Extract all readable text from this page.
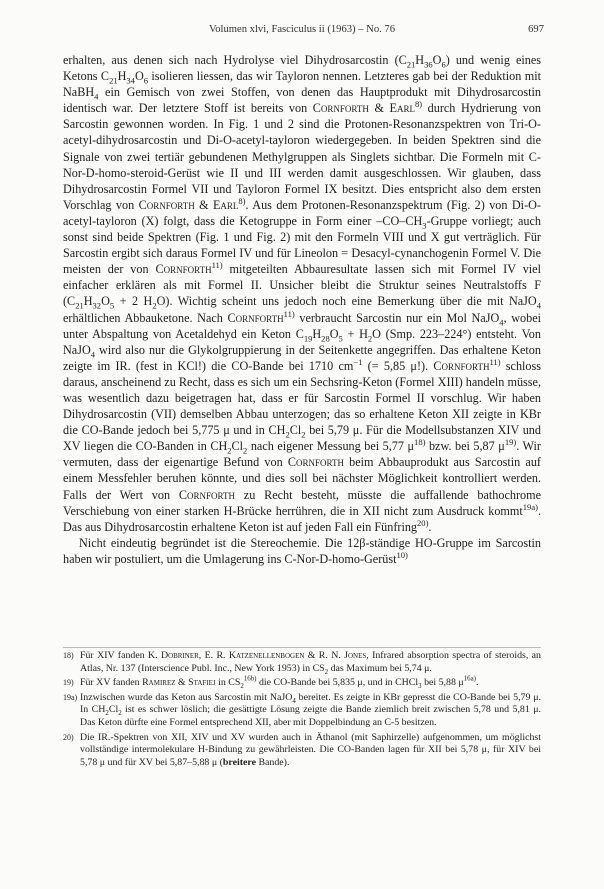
Volumen xlvi, Fasciculus ii (1963) – No. 76	697

erhalten, aus denen sich nach Hydrolyse viel Dihydrosarcostin $(C_{21}H_{36}O_6)$ und wenig eines Ketons $C_{21}H_{34}O_6$ isolieren liessen, das wir Tayloron nennen. Letzteres gab bei der Reduktion mit NaBH$_4$ ein Gemisch von zwei Stoffen, von denen das Hauptprodukt mit Dihydrosarcostin identisch war. Der letztere Stoff ist bereits von Cornforth & Earl$^{8)}$ durch Hydrierung von Sarcostin gewonnen worden. In Fig. 1 und 2 sind die Protonen-Resonanzspektren von Tri-O-acetyl-dihydrosarcostin und Di-O-acetyl-tayloron wiedergegeben. In beiden Spektren sind die Signale von zwei tertiär gebundenen Methylgruppen als Singlets sichtbar. Die Formeln mit C-Nor-D-homo-steroid-Gerüst wie II und III werden damit ausgeschlossen. Wir glauben, dass Dihydrosarcostin Formel VII und Tayloron Formel IX besitzt. Dies entspricht also dem ersten Vorschlag von Cornforth & Earl$^{8)}$. Aus dem Protonen-Resonanzspektrum (Fig. 2) von Di-O-acetyl-tayloron (X) folgt, dass die Ketogruppe in Form einer $-CO-CH_3$-Gruppe vorliegt; auch sonst sind beide Spektren (Fig. 1 und Fig. 2) mit den Formeln VIII und X gut verträglich. Für Sarcostin ergibt sich daraus Formel IV und für Lineolon = Desacyl-cynanchogenin Formel V. Die meisten der von Cornforth$^{11)}$ mitgeteilten Abbauresultate lassen sich mit Formel IV viel einfacher erklären als mit Formel II. Unsicher bleibt die Struktur seines Neutralstoffs F ($C_{21}H_{32}O_5 + 2$ $H_2O$). Wichtig scheint uns jedoch noch eine Bemerkung über die mit NaJO$_4$ erhältlichen Abbauketone. Nach Cornforth$^{11)}$ verbraucht Sarcostin nur ein Mol NaJO$_4$, wobei unter Abspaltung von Acetaldehyd ein Keton $C_{19}H_{28}O_5 + H_2O$ (Smp. 223–224°) entsteht. Von NaJO$_4$ wird also nur die Glykolgruppierung in der Seitenkette angegriffen. Das erhaltene Keton zeigte im IR. (fest in KCl!) die CO-Bande bei 1710 $cm^{-1}$ (= 5,85 μ!). Cornforth$^{11)}$ schloss daraus, anscheinend zu Recht, dass es sich um ein Sechsring-Keton (Formel XIII) handeln müsse, was wesentlich dazu beigetragen hat, dass er für Sarcostin Formel II vorschlug. Wir haben Dihydrosarcostin (VII) demselben Abbau unterzogen; das so erhaltene Keton XII zeigte in KBr die CO-Bande jedoch bei 5,775 μ und in $CH_2Cl_2$ bei 5,79 μ. Für die Modellsubstanzen XIV und XV liegen die CO-Banden in $CH_2Cl_2$ nach eigener Messung bei 5,77 $\mu^{18)}$ bzw. bei 5,87 $\mu^{19)}$. Wir vermuten, dass der eigenartige Befund von Cornforth beim Abbauprodukt aus Sarcostin auf einem Messfehler beruhen könnte, und dies soll bei nächster Möglichkeit kontrolliert werden. Falls der Wert von Cornforth zu Recht besteht, müsste die auffallende bathochrome Verschiebung von einer starken H-Brücke herrühren, die in XII nicht zum Ausdruck kommt$^{19a)}$. Das aus Dihydrosarcostin erhaltene Keton ist auf jeden Fall ein Fünfring$^{20)}$.

Nicht eindeutig begründet ist die Stereochemie. Die 12β-ständige HO-Gruppe im Sarcostin haben wir postuliert, um die Umlagerung ins C-Nor-D-homo-Gerüst$^{10)}$

18) Für XIV fanden K. Dobriner, E. R. Katzenellenbogen & R. N. Jones, Infrared absorption spectra of steroids, an Atlas, Nr. 137 (Interscience Publ. Inc., New York 1953) in $CS_2$ das Maximum bei 5,74 μ.
19) Für XV fanden Ramirez & Stafiej in $CS_2^{16b)}$ die CO-Bande bei 5,835 μ, und in CHCl$_3$ bei 5,88 $\mu^{16a)}$.
19a) Inzwischen wurde das Keton aus Sarcostin mit NaJO$_4$ bereitet. Es zeigte in KBr gepresst die CO-Bande bei 5,79 μ. In $CH_2Cl_2$ ist es schwer löslich; die gesättigte Lösung zeigte die Bande ziemlich breit zwischen 5,78 und 5,81 μ. Das Keton dürfte eine Formel entsprechend XII, aber mit Doppelbindung an C-5 besitzen.
20) Die IR.-Spektren von XII, XIV und XV wurden auch in Äthanol (mit Saphirzelle) aufgenommen, um möglichst vollständige intermolekulare H-Bindung zu gewährleisten. Die CO-Banden lagen für XII bei 5,78 μ, für XIV bei 5,78 μ und für XV bei 5,87–5,88 μ (breitere Bande).
